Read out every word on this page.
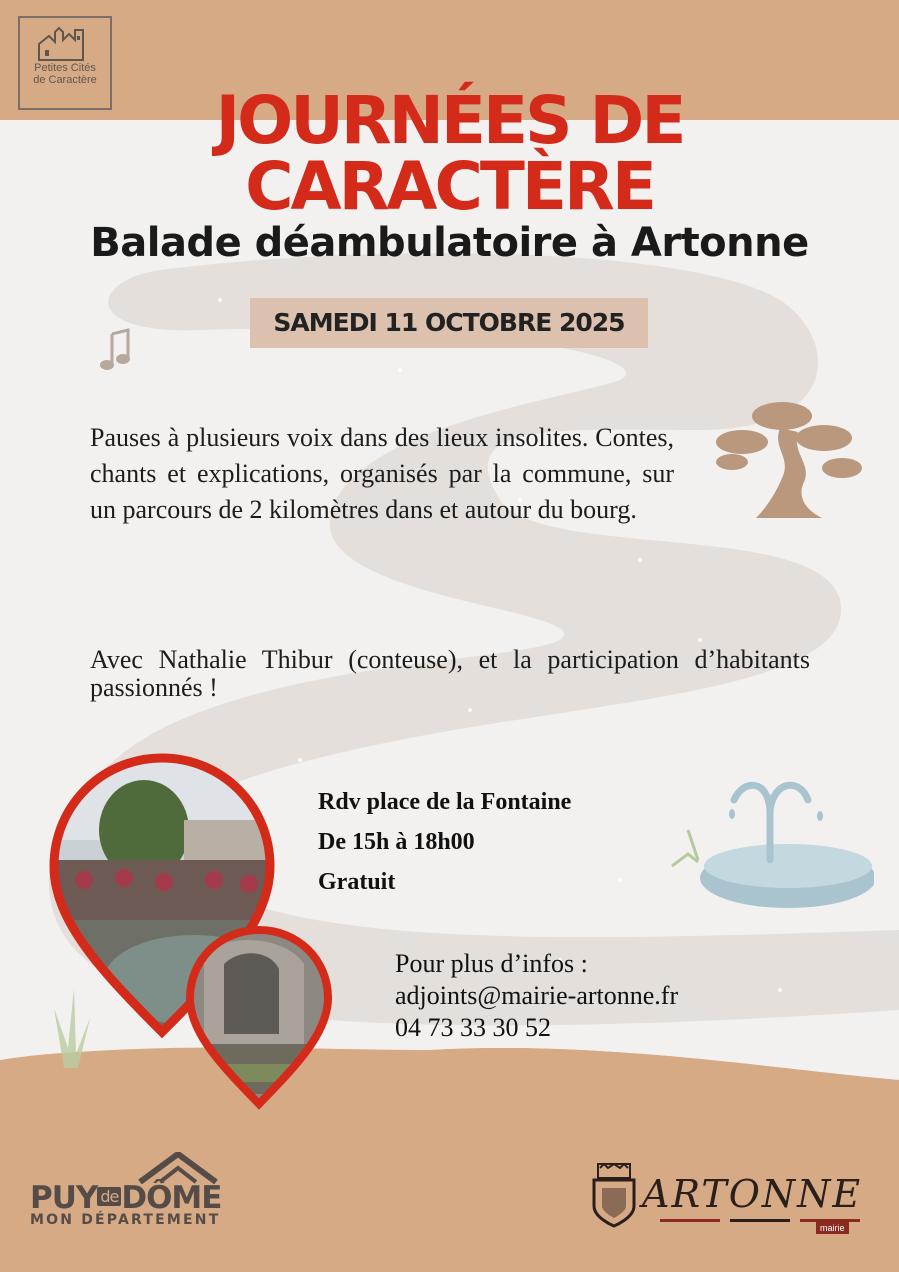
Petites Cités
de Caractère
JOURNÉES DE
CARACTÈRE
Balade déambulatoire à Artonne
SAMEDI 11 OCTOBRE 2025
Pauses à plusieurs voix dans des lieux insolites. Contes, chants et explications, organisés par la commune, sur un parcours de 2 kilomètres dans et autour du bourg.
Avec Nathalie Thibur (conteuse), et la participation d’habitants passionnés !
Rdv place de la Fontaine
De 15h à 18h00
Gratuit
Pour plus d’infos :
adjoints@mairie-artonne.fr
04 73 33 30 52
PUY deDÔME
MON DÉPARTEMENT
ARTONNE
mairie
